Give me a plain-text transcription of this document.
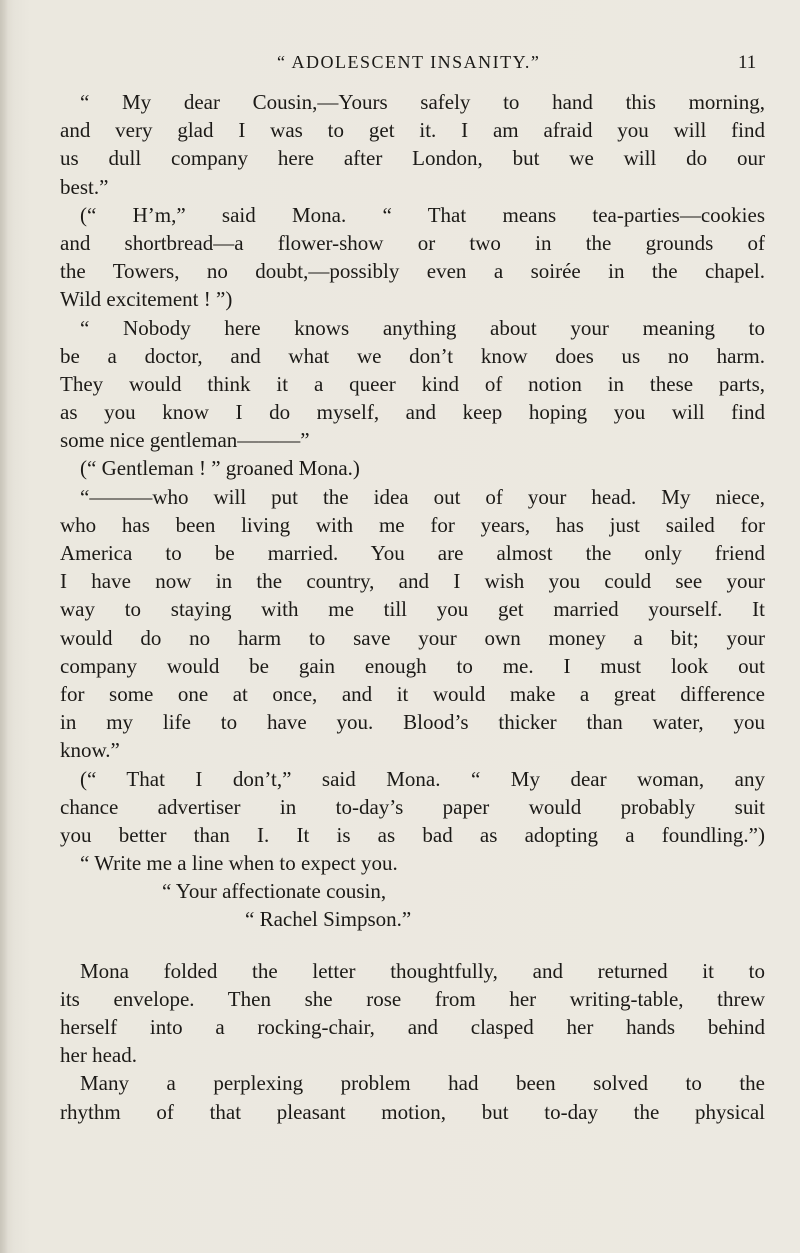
“ ADOLESCENT INSANITY.”	11
“ My dear Cousin,—Yours safely to hand this morning,
and very glad I was to get it. I am afraid you will find
us dull company here after London, but we will do our
best.”
(“ H’m,” said Mona. “ That means tea-parties—cookies
and shortbread—a flower-show or two in the grounds of
the Towers, no doubt,—possibly even a soirée in the chapel.
Wild excitement ! ”)
“ Nobody here knows anything about your meaning to
be a doctor, and what we don’t know does us no harm.
They would think it a queer kind of notion in these parts,
as you know I do myself, and keep hoping you will find
some nice gentleman———”
(“ Gentleman ! ” groaned Mona.)
“———who will put the idea out of your head. My niece,
who has been living with me for years, has just sailed for
America to be married. You are almost the only friend
I have now in the country, and I wish you could see your
way to staying with me till you get married yourself. It
would do no harm to save your own money a bit; your
company would be gain enough to me. I must look out
for some one at once, and it would make a great difference
in my life to have you. Blood’s thicker than water, you
know.”
(“ That I don’t,” said Mona. “ My dear woman, any
chance advertiser in to-day’s paper would probably suit
you better than I. It is as bad as adopting a foundling.”)
“ Write me a line when to expect you.
“ Your affectionate cousin,
“ Rachel Simpson.”
Mona folded the letter thoughtfully, and returned it to
its envelope. Then she rose from her writing-table, threw
herself into a rocking-chair, and clasped her hands behind
her head.
Many a perplexing problem had been solved to the
rhythm of that pleasant motion, but to-day the physical
